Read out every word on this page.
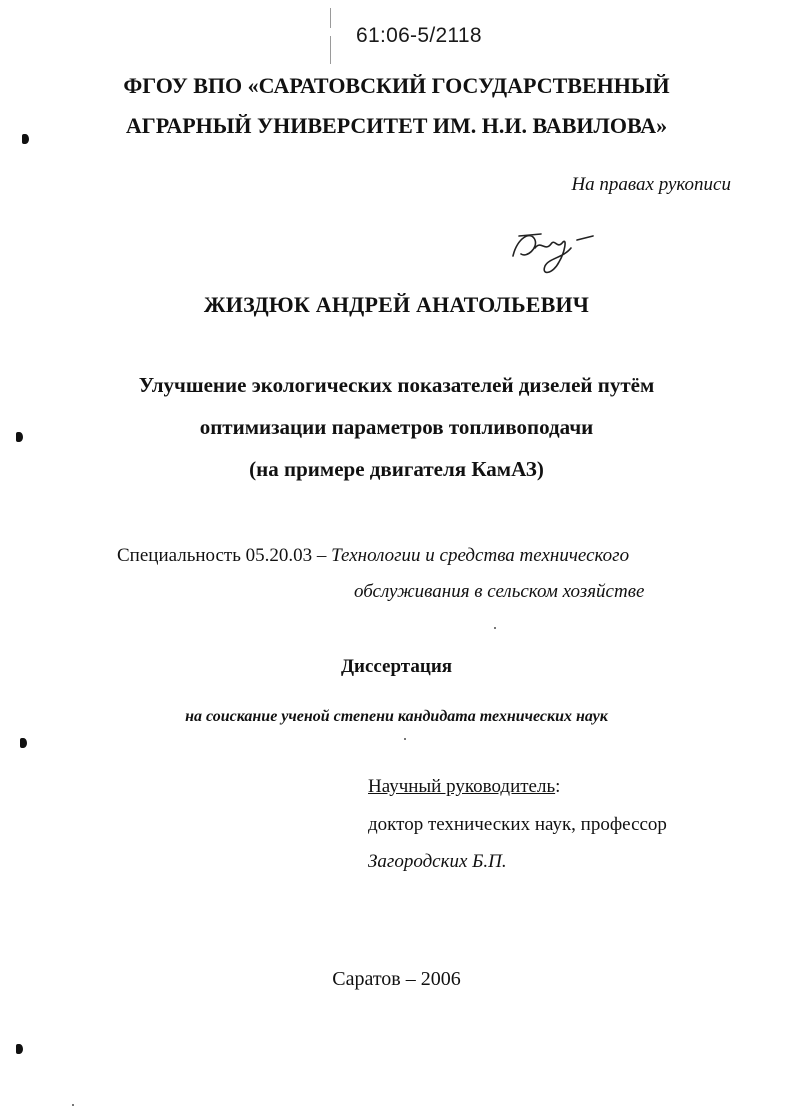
61:06-5/2118
ФГОУ ВПО «САРАТОВСКИЙ ГОСУДАРСТВЕННЫЙ
АГРАРНЫЙ УНИВЕРСИТЕТ ИМ. Н.И. ВАВИЛОВА»
На правах рукописи
ЖИЗДЮК АНДРЕЙ АНАТОЛЬЕВИЧ
Улучшение экологических показателей дизелей путём
оптимизации параметров топливоподачи
(на примере двигателя КамАЗ)
Специальность 05.20.03 – Технологии и средства технического
обслуживания в сельском хозяйстве
Диссертация
на соискание ученой степени кандидата технических наук
Научный руководитель:
доктор технических наук, профессор
Загородских Б.П.
Саратов – 2006
